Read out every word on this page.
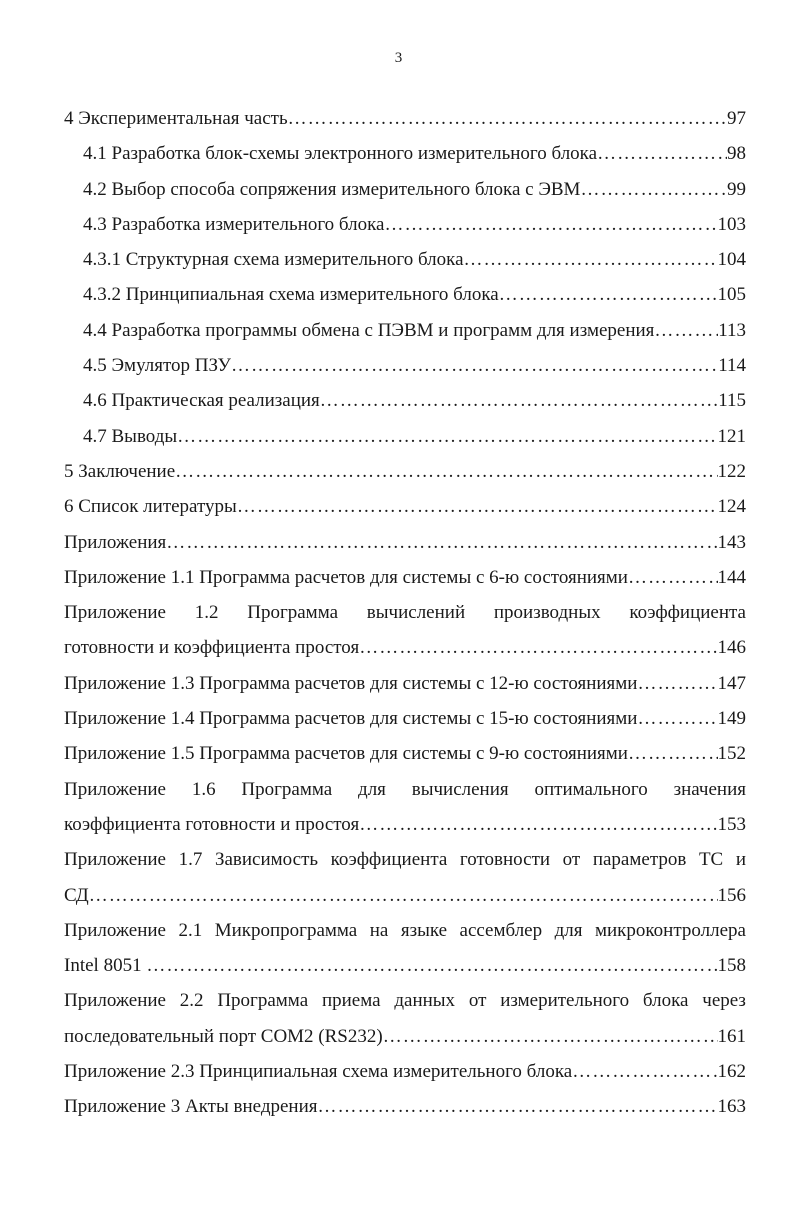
3
4 Экспериментальная часть ………………………………………………………………………………………………………………………………………………………………………………………………	97
4.1 Разработка блок-схемы электронного измерительного блока ………………………………………………………………………………………………………………………………………………………………………………………………	98
4.2 Выбор способа сопряжения измерительного блока с ЭВМ ………………………………………………………………………………………………………………………………………………………………………………………………	99
4.3 Разработка измерительного блока ………………………………………………………………………………………………………………………………………………………………………………………………	103
4.3.1 Структурная схема измерительного блока ………………………………………………………………………………………………………………………………………………………………………………………………	104
4.3.2 Принципиальная схема измерительного блока ………………………………………………………………………………………………………………………………………………………………………………………………	105
4.4 Разработка программы обмена с ПЭВМ и программ для измерения ………………………………………………………………………………………………………………………………………………………………………………………………	113
4.5 Эмулятор ПЗУ ………………………………………………………………………………………………………………………………………………………………………………………………	114
4.6 Практическая реализация ………………………………………………………………………………………………………………………………………………………………………………………………	115
4.7 Выводы ………………………………………………………………………………………………………………………………………………………………………………………………	121
5 Заключение ………………………………………………………………………………………………………………………………………………………………………………………………	122
6 Список литературы ………………………………………………………………………………………………………………………………………………………………………………………………	124
Приложения ………………………………………………………………………………………………………………………………………………………………………………………………	143
Приложение 1.1 Программа расчетов для системы с 6-ю состояниями ………………………………………………………………………………………………………………………………………………………………………………………………	144
Приложение 1.2 Программа вычислений производных коэффициента
готовности и коэффициента простоя ………………………………………………………………………………………………………………………………………………………………………………………………	146
Приложение 1.3 Программа расчетов для системы с 12-ю состояниями ………………………………………………………………………………………………………………………………………………………………………………………………	147
Приложение 1.4 Программа расчетов для системы с 15-ю состояниями ………………………………………………………………………………………………………………………………………………………………………………………………	149
Приложение 1.5 Программа расчетов для системы с 9-ю состояниями ………………………………………………………………………………………………………………………………………………………………………………………………	152
Приложение 1.6 Программа для вычисления оптимального значения
коэффициента готовности и простоя ………………………………………………………………………………………………………………………………………………………………………………………………	153
Приложение 1.7 Зависимость коэффициента готовности от параметров ТС и
СД ………………………………………………………………………………………………………………………………………………………………………………………………	156
Приложение 2.1 Микропрограмма на языке ассемблер для микроконтроллера
Intel 8051 ………………………………………………………………………………………………………………………………………………………………………………………………	158
Приложение 2.2 Программа приема данных от измерительного блока через
последовательный порт COM2 (RS232) ………………………………………………………………………………………………………………………………………………………………………………………………	161
Приложение 2.3 Принципиальная схема измерительного блока ………………………………………………………………………………………………………………………………………………………………………………………………	162
Приложение 3 Акты внедрения ………………………………………………………………………………………………………………………………………………………………………………………………	163
